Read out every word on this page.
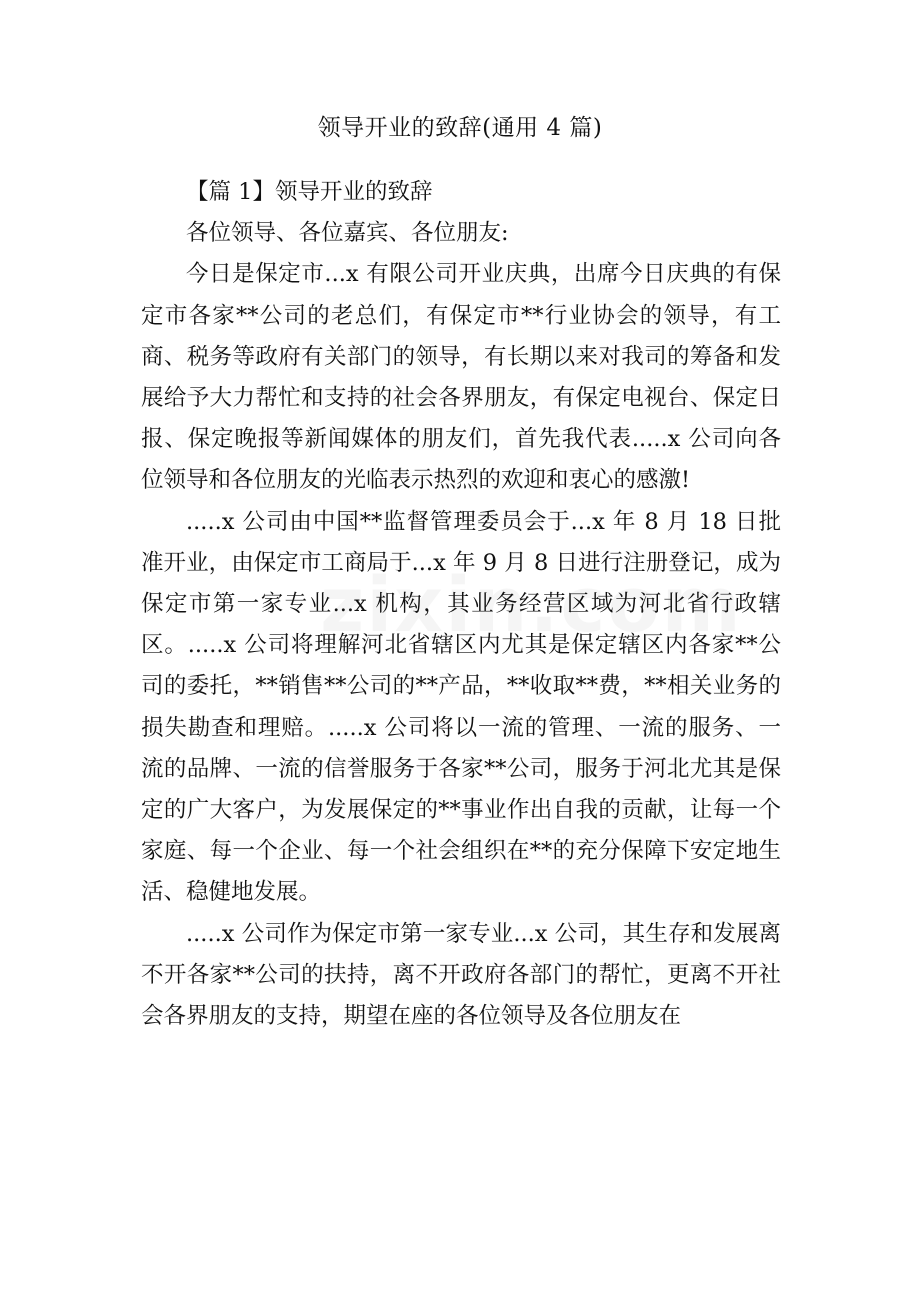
领导开业的致辞(通用 4 篇)

【篇 1】领导开业的致辞

各位领导、各位嘉宾、各位朋友:

今日是保定市...x 有限公司开业庆典，出席今日庆典的有保定市各家**公司的老总们，有保定市**行业协会的领导，有工商、税务等政府有关部门的领导，有长期以来对我司的筹备和发展给予大力帮忙和支持的社会各界朋友，有保定电视台、保定日报、保定晚报等新闻媒体的朋友们，首先我代表.....x 公司向各位领导和各位朋友的光临表示热烈的欢迎和衷心的感激!

.....x 公司由中国**监督管理委员会于...x 年 8 月 18 日批准开业，由保定市工商局于...x 年 9 月 8 日进行注册登记，成为保定市第一家专业...x 机构，其业务经营区域为河北省行政辖区。.....x 公司将理解河北省辖区内尤其是保定辖区内各家**公司的委托，**销售**公司的**产品，**收取**费，**相关业务的损失勘查和理赔。.....x 公司将以一流的管理、一流的服务、一流的品牌、一流的信誉服务于各家**公司，服务于河北尤其是保定的广大客户，为发展保定的**事业作出自我的贡献，让每一个家庭、每一个企业、每一个社会组织在**的充分保障下安定地生活、稳健地发展。

.....x 公司作为保定市第一家专业...x 公司，其生存和发展离不开各家**公司的扶持，离不开政府各部门的帮忙，更离不开社会各界朋友的支持，期望在座的各位领导及各位朋友在
